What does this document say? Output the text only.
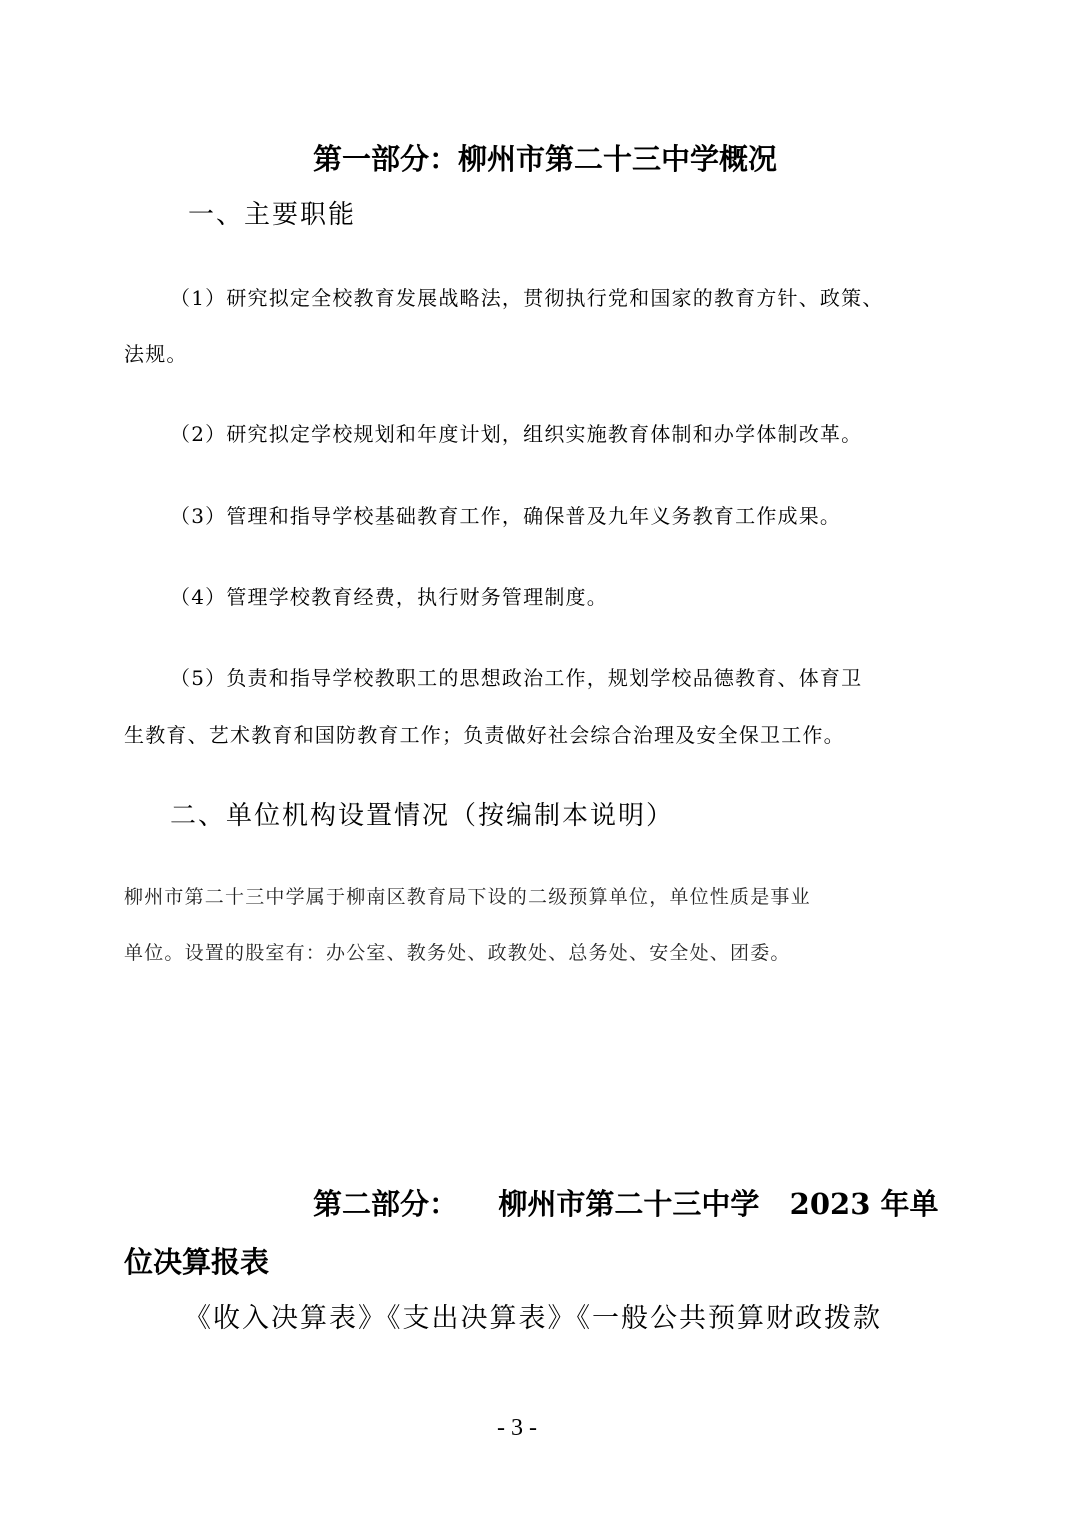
第一部分：柳州市第二十三中学概况
一、主要职能

（1）研究拟定全校教育发展战略法，贯彻执行党和国家的教育方针、政策、

法规。

（2）研究拟定学校规划和年度计划，组织实施教育体制和办学体制改革。

（3）管理和指导学校基础教育工作，确保普及九年义务教育工作成果。

（4）管理学校教育经费，执行财务管理制度。

（5）负责和指导学校教职工的思想政治工作，规划学校品德教育、体育卫

生教育、艺术教育和国防教育工作；负责做好社会综合治理及安全保卫工作。

二、单位机构设置情况（按编制本说明）

柳州市第二十三中学属于柳南区教育局下设的二级预算单位，单位性质是事业

单位。设置的股室有：办公室、教务处、政教处、总务处、安全处、团委。

第二部分：    柳州市第二十三中学   2023 年单
位决算报表

《收入决算表》《支出决算表》《一般公共预算财政拨款

- 3 -
